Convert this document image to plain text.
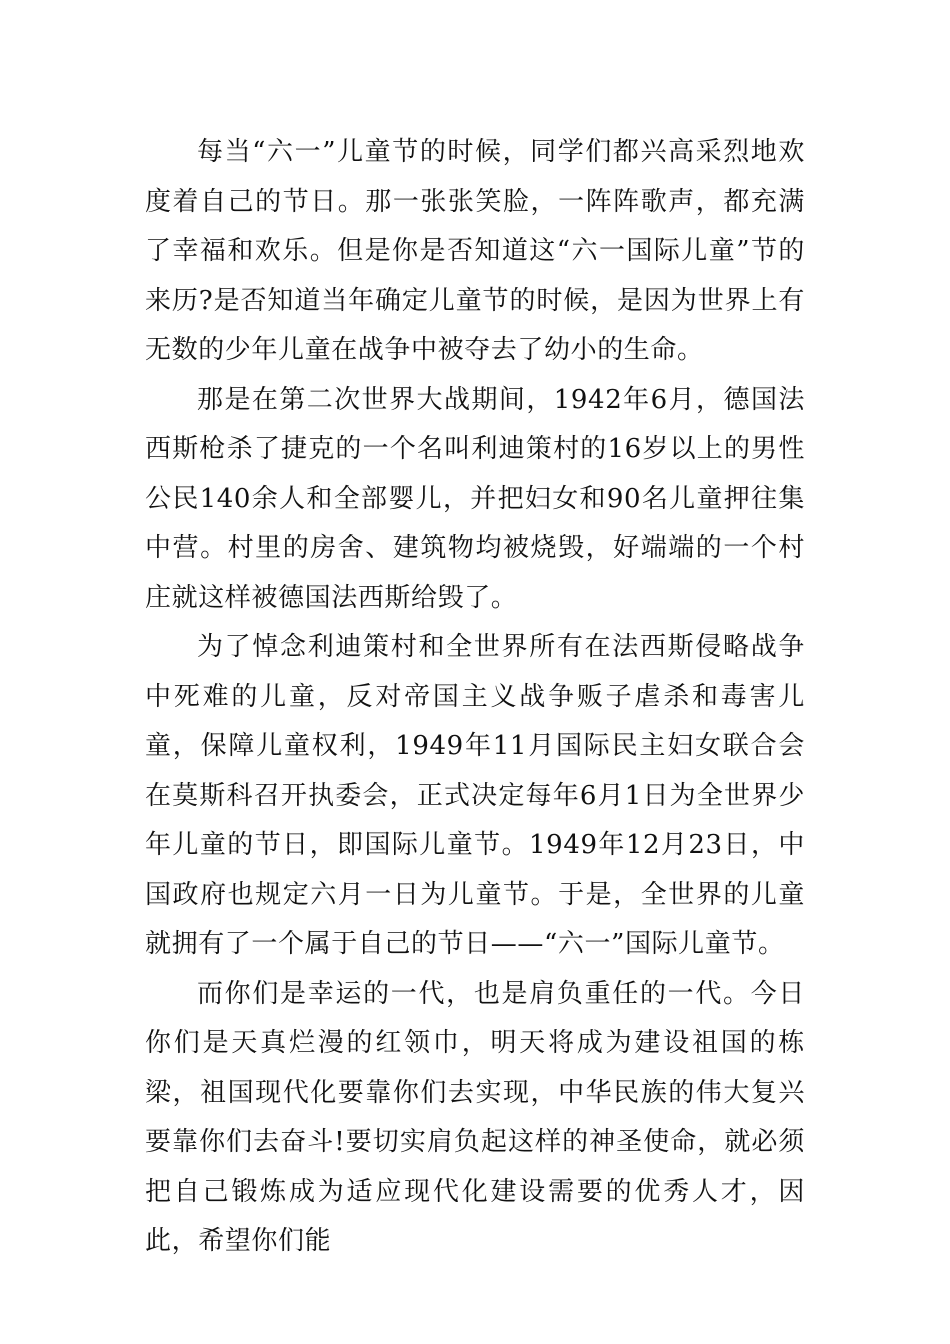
每当“六一”儿童节的时候，同学们都兴高采烈地欢度着自己的节日。那一张张笑脸，一阵阵歌声，都充满了幸福和欢乐。但是你是否知道这“六一国际儿童”节的来历?是否知道当年确定儿童节的时候，是因为世界上有无数的少年儿童在战争中被夺去了幼小的生命。

那是在第二次世界大战期间，1942年6月，德国法西斯枪杀了捷克的一个名叫利迪策村的16岁以上的男性公民140余人和全部婴儿，并把妇女和90名儿童押往集中营。村里的房舍、建筑物均被烧毁，好端端的一个村庄就这样被德国法西斯给毁了。

为了悼念利迪策村和全世界所有在法西斯侵略战争中死难的儿童，反对帝国主义战争贩子虐杀和毒害儿童，保障儿童权利，1949年11月国际民主妇女联合会在莫斯科召开执委会，正式决定每年6月1日为全世界少年儿童的节日，即国际儿童节。1949年12月23日，中国政府也规定六月一日为儿童节。于是，全世界的儿童就拥有了一个属于自己的节日——“六一”国际儿童节。

而你们是幸运的一代，也是肩负重任的一代。今日你们是天真烂漫的红领巾，明天将成为建设祖国的栋梁，祖国现代化要靠你们去实现，中华民族的伟大复兴要靠你们去奋斗!要切实肩负起这样的神圣使命，就必须把自己锻炼成为适应现代化建设需要的优秀人才，因此，希望你们能
